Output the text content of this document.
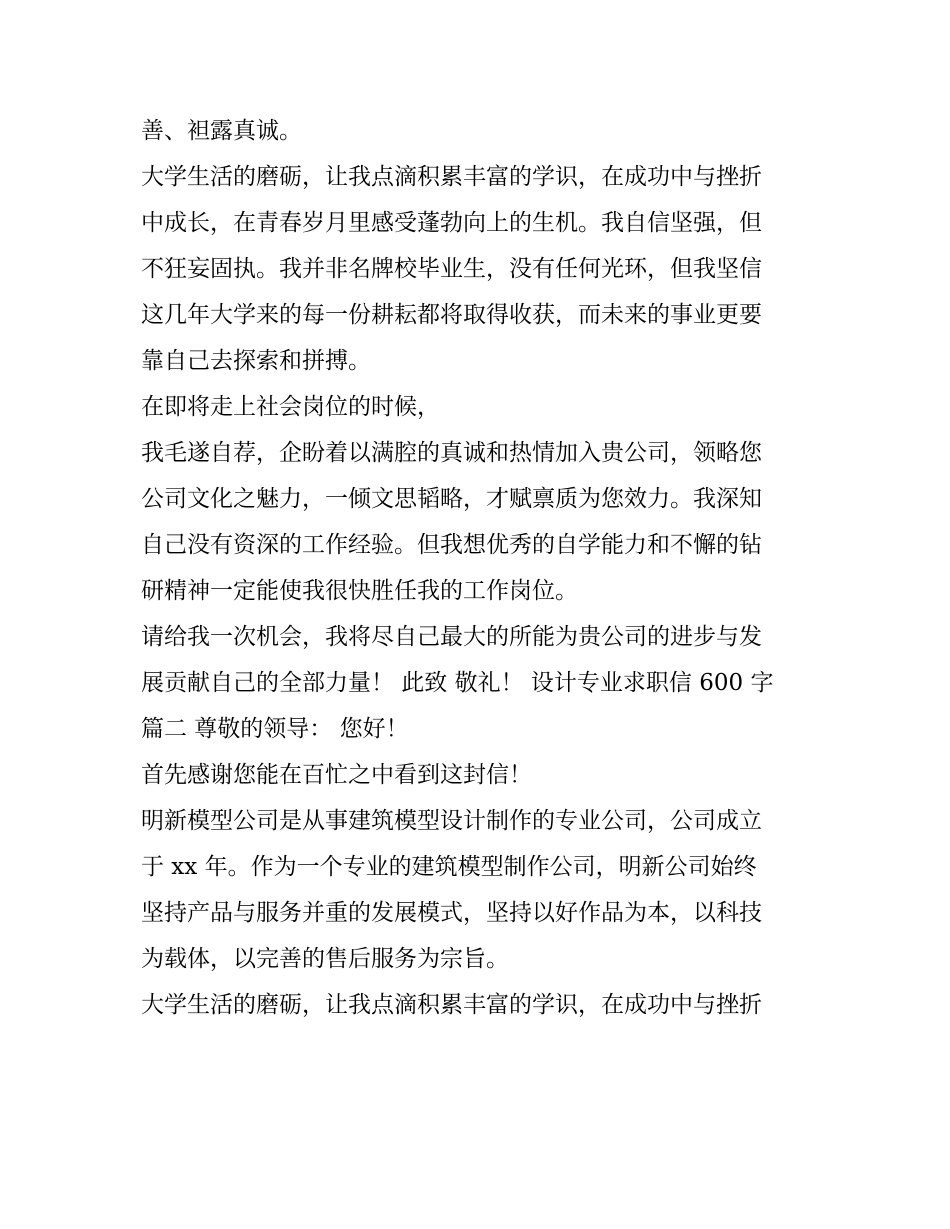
善、袒露真诚。
大学生活的磨砺，让我点滴积累丰富的学识，在成功中与挫折
中成长，在青春岁月里感受蓬勃向上的生机。我自信坚强，但
不狂妄固执。我并非名牌校毕业生，没有任何光环，但我坚信
这几年大学来的每一份耕耘都将取得收获，而未来的事业更要
靠自己去探索和拼搏。
在即将走上社会岗位的时候，
我毛遂自荐，企盼着以满腔的真诚和热情加入贵公司，领略您
公司文化之魅力，一倾文思韬略，才赋禀质为您效力。我深知
自己没有资深的工作经验。但我想优秀的自学能力和不懈的钻
研精神一定能使我很快胜任我的工作岗位。
请给我一次机会，我将尽自己最大的所能为贵公司的进步与发
展贡献自己的全部力量！ 此致 敬礼！ 设计专业求职信 600 字
篇二 尊敬的领导： 您好！
首先感谢您能在百忙之中看到这封信！
明新模型公司是从事建筑模型设计制作的专业公司，公司成立
于 xx 年。作为一个专业的建筑模型制作公司，明新公司始终
坚持产品与服务并重的发展模式，坚持以好作品为本，以科技
为载体，以完善的售后服务为宗旨。
大学生活的磨砺，让我点滴积累丰富的学识，在成功中与挫折
